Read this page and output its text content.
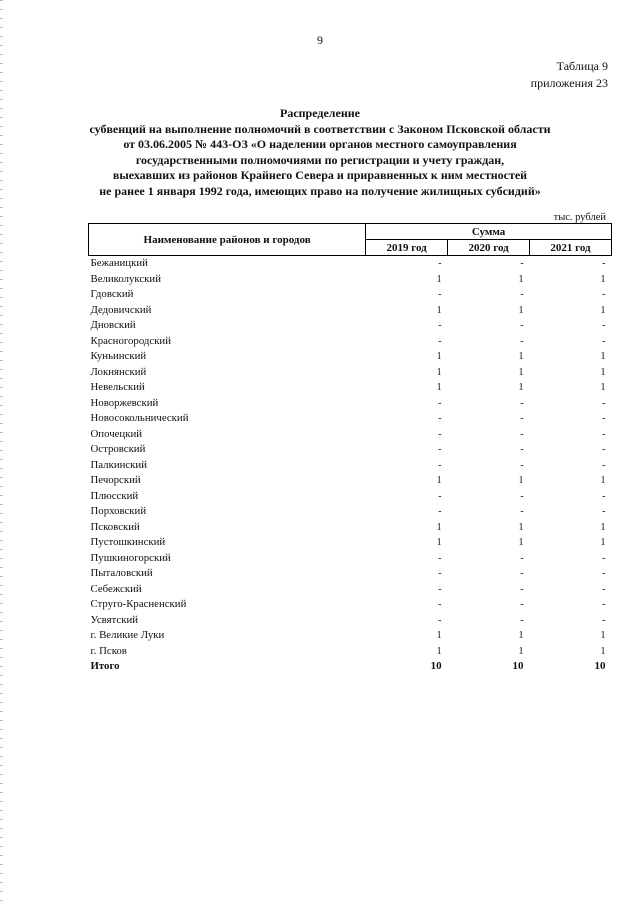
9
Таблица 9
приложения 23
Распределение
субвенций на выполнение полномочий в соответствии с Законом Псковской области
от 03.06.2005 № 443-ОЗ «О наделении органов местного самоуправления
государственными полномочиями по регистрации и учету граждан,
выехавших из районов Крайнего Севера и приравненных к ним местностей
не ранее 1 января 1992 года, имеющих право на получение жилищных субсидий»
тыс. рублей
Наименование районов и городов	Сумма		
	2019 год	2020 год	2021 год
Бежаницкий	-	-	-
Великолукский	1	1	1
Гдовский	-	-	-
Дедовичский	1	1	1
Дновский	-	-	-
Красногородский	-	-	-
Куньинский	1	1	1
Локнянский	1	1	1
Невельский	1	1	1
Новоржевский	-	-	-
Новосокольнический	-	-	-
Опочецкий	-	-	-
Островский	-	-	-
Палкинский	-	-	-
Печорский	1	1	1
Плюсский	-	-	-
Порховский	-	-	-
Псковский	1	1	1
Пустошкинский	1	1	1
Пушкиногорский	-	-	-
Пыталовский	-	-	-
Себежский	-	-	-
Струго-Красненский	-	-	-
Усвятский	-	-	-
г. Великие Луки	1	1	1
г. Псков	1	1	1
Итого	10	10	10
